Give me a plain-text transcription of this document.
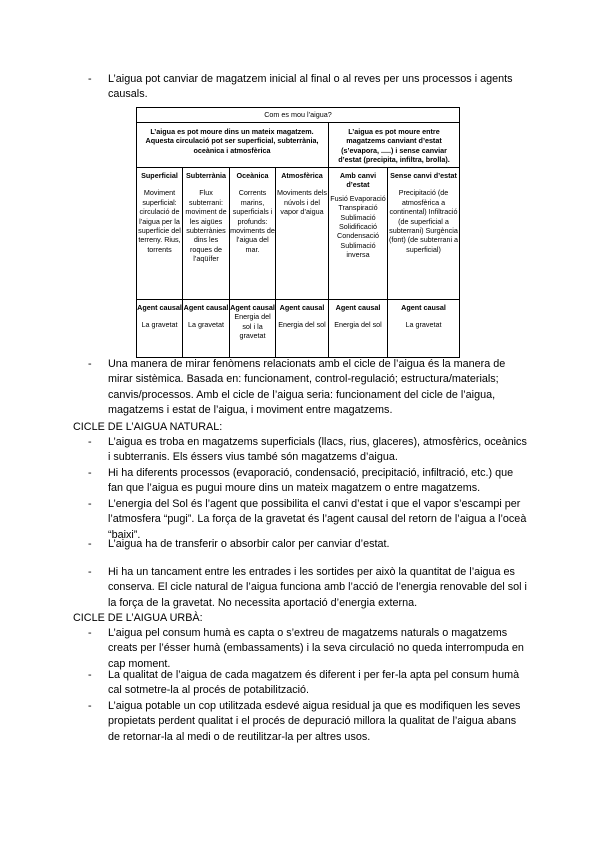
- L’aigua pot canviar de magatzem inicial al final o al reves per uns processos i agents causals.
Com es mou l’aigua?
L’aigua es pot moure dins un mateix magatzem. Aquesta circulació pot ser superficial, subterrània, oceànica i atmosfèrica
L’aigua es pot moure entre magatzems canviant d’estat (s’evapora, .....) i sense canviar d’estat (precipita, infiltra, brolla).
Superficial
Moviment superficial: circulació de l’aigua per la superfície del terreny. Rius, torrents
Subterrània
Flux subterrani: moviment de les aigües subterrànies dins les roques de l’aqüífer
Oceànica
Corrents marins, superficials i profunds: moviments de l’aigua del mar.
Atmosfèrica
Moviments dels núvols i del vapor d’aigua
Amb canvi d’estat
Fusió Evaporació Transpiració Sublimació Solidificació Condensació Sublimació inversa
Sense canvi d’estat
Precipitació (de atmosfèrica a continental) Infiltració (de superficial a subterrani) Surgència (font) (de subterrani a superficial)
Agent causal
La gravetat
Agent causal
La gravetat
Agent causal
Energia del sol i la gravetat
Agent causal
Energia del sol
Agent causal
Energia del sol
Agent causal
La gravetat
- Una manera de mirar fenòmens relacionats amb el cicle de l’aigua és la manera de mirar sistèmica. Basada en: funcionament, control-regulació; estructura/materials; canvis/processos. Amb el cicle de l’aigua seria: funcionament del cicle de l’aigua, magatzems i estat de l’aigua, i moviment entre magatzems.
CICLE DE L’AIGUA NATURAL:
- L’aigua es troba en magatzems superficials (llacs, rius, glaceres), atmosfèrics, oceànics i subterranis. Els éssers vius també són magatzems d’aigua.
- Hi ha diferents processos (evaporació, condensació, precipitació, infiltració, etc.) que fan que l’aigua es pugui moure dins un mateix magatzem o entre magatzems.
- L’energia del Sol és l’agent que possibilita el canvi d’estat i que el vapor s’escampi per l’atmosfera “pugi”. La força de la gravetat és l’agent causal del retorn de l’aigua a l’oceà “baixi”.
- L’aigua ha de transferir o absorbir calor per canviar d’estat.
- Hi ha un tancament entre les entrades i les sortides per això la quantitat de l’aigua es conserva. El cicle natural de l’aigua funciona amb l’acció de l’energia renovable del sol i la força de la gravetat. No necessita aportació d’energia externa.
CICLE DE L’AIGUA URBÀ:
- L’aigua pel consum humà es capta o s’extreu de magatzems naturals o magatzems creats per l’ésser humà (embassaments) i la seva circulació no queda interrompuda en cap moment.
- La qualitat de l’aigua de cada magatzem és diferent i per fer-la apta pel consum humà cal sotmetre-la al procés de potabilització.
- L’aigua potable un cop utilitzada esdevé aigua residual ja que es modifiquen les seves propietats perdent qualitat i el procés de depuració millora la qualitat de l’aigua abans de retornar-la al medi o de reutilitzar-la per altres usos.
